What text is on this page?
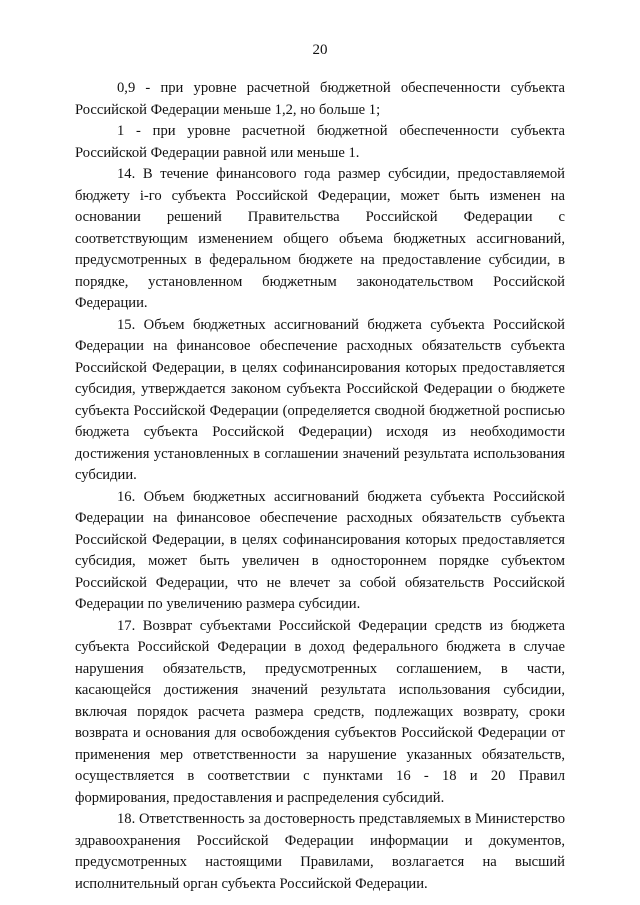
20

0,9 - при уровне расчетной бюджетной обеспеченности субъекта Российской Федерации меньше 1,2, но больше 1;

1 - при уровне расчетной бюджетной обеспеченности субъекта Российской Федерации равной или меньше 1.

14. В течение финансового года размер субсидии, предоставляемой бюджету i-го субъекта Российской Федерации, может быть изменен на основании решений Правительства Российской Федерации с соответствующим изменением общего объема бюджетных ассигнований, предусмотренных в федеральном бюджете на предоставление субсидии, в порядке, установленном бюджетным законодательством Российской Федерации.

15. Объем бюджетных ассигнований бюджета субъекта Российской Федерации на финансовое обеспечение расходных обязательств субъекта Российской Федерации, в целях софинансирования которых предоставляется субсидия, утверждается законом субъекта Российской Федерации о бюджете субъекта Российской Федерации (определяется сводной бюджетной росписью бюджета субъекта Российской Федерации) исходя из необходимости достижения установленных в соглашении значений результата использования субсидии.

16. Объем бюджетных ассигнований бюджета субъекта Российской Федерации на финансовое обеспечение расходных обязательств субъекта Российской Федерации, в целях софинансирования которых предоставляется субсидия, может быть увеличен в одностороннем порядке субъектом Российской Федерации, что не влечет за собой обязательств Российской Федерации по увеличению размера субсидии.

17. Возврат субъектами Российской Федерации средств из бюджета субъекта Российской Федерации в доход федерального бюджета в случае нарушения обязательств, предусмотренных соглашением, в части, касающейся достижения значений результата использования субсидии, включая порядок расчета размера средств, подлежащих возврату, сроки возврата и основания для освобождения субъектов Российской Федерации от применения мер ответственности за нарушение указанных обязательств, осуществляется в соответствии с пунктами 16 - 18 и 20 Правил формирования, предоставления и распределения субсидий.

18. Ответственность за достоверность представляемых в Министерство здравоохранения Российской Федерации информации и документов, предусмотренных настоящими Правилами, возлагается на высший исполнительный орган субъекта Российской Федерации.
